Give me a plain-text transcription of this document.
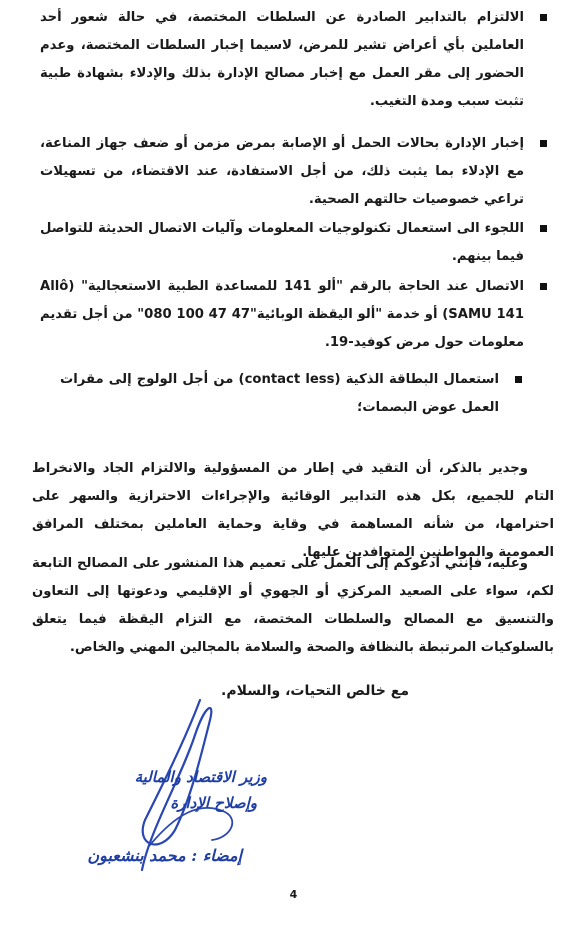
الالتزام بالتدابير الصادرة عن السلطات المختصة، في حالة شعور أحد العاملين بأي أعراض تشير للمرض، لاسيما إخبار السلطات المختصة، وعدم الحضور إلى مقر العمل مع إخبار مصالح الإدارة بذلك والإدلاء بشهادة طبية تثبت سبب ومدة التغيب.
إخبار الإدارة بحالات الحمل أو الإصابة بمرض مزمن أو ضعف جهاز المناعة، مع الإدلاء بما يثبت ذلك، من أجل الاستفادة، عند الاقتضاء، من تسهيلات تراعي خصوصيات حالتهم الصحية.
اللجوء الى استعمال تكنولوجيات المعلومات وآليات الاتصال الحديثة للتواصل فيما بينهم.
الاتصال عند الحاجة بالرقم "ألو 141 للمساعدة الطبية الاستعجالية" (Allô SAMU 141) أو خدمة "ألو اليقظة الوبائية"47 47 100 080" من أجل تقديم معلومات حول مرض كوفيد-19.
استعمال البطاقة الذكية (contact less) من أجل الولوج إلى مقرات العمل عوض البصمات؛
وجدير بالذكر، أن التقيد في إطار من المسؤولية والالتزام الجاد والانخراط التام للجميع، بكل هذه التدابير الوقائية والإجراءات الاحترازية والسهر على احترامها، من شأنه المساهمة في وقاية وحماية العاملين بمختلف المرافق العمومية والمواطنين المتوافدين عليها.
وعليه، فإنني أدعوكم إلى العمل على تعميم هذا المنشور على المصالح التابعة لكم، سواء على الصعيد المركزي أو الجهوي أو الإقليمي ودعوتها إلى التعاون والتنسيق مع المصالح والسلطات المختصة، مع التزام اليقظة فيما يتعلق بالسلوكيات المرتبطة بالنظافة والصحة والسلامة بالمجالين المهني والخاص.
مع خالص التحيات، والسلام.
وزير الاقتصاد والمالية
وإصلاح الإدارة
إمضاء : محمد بنشعبون
4
